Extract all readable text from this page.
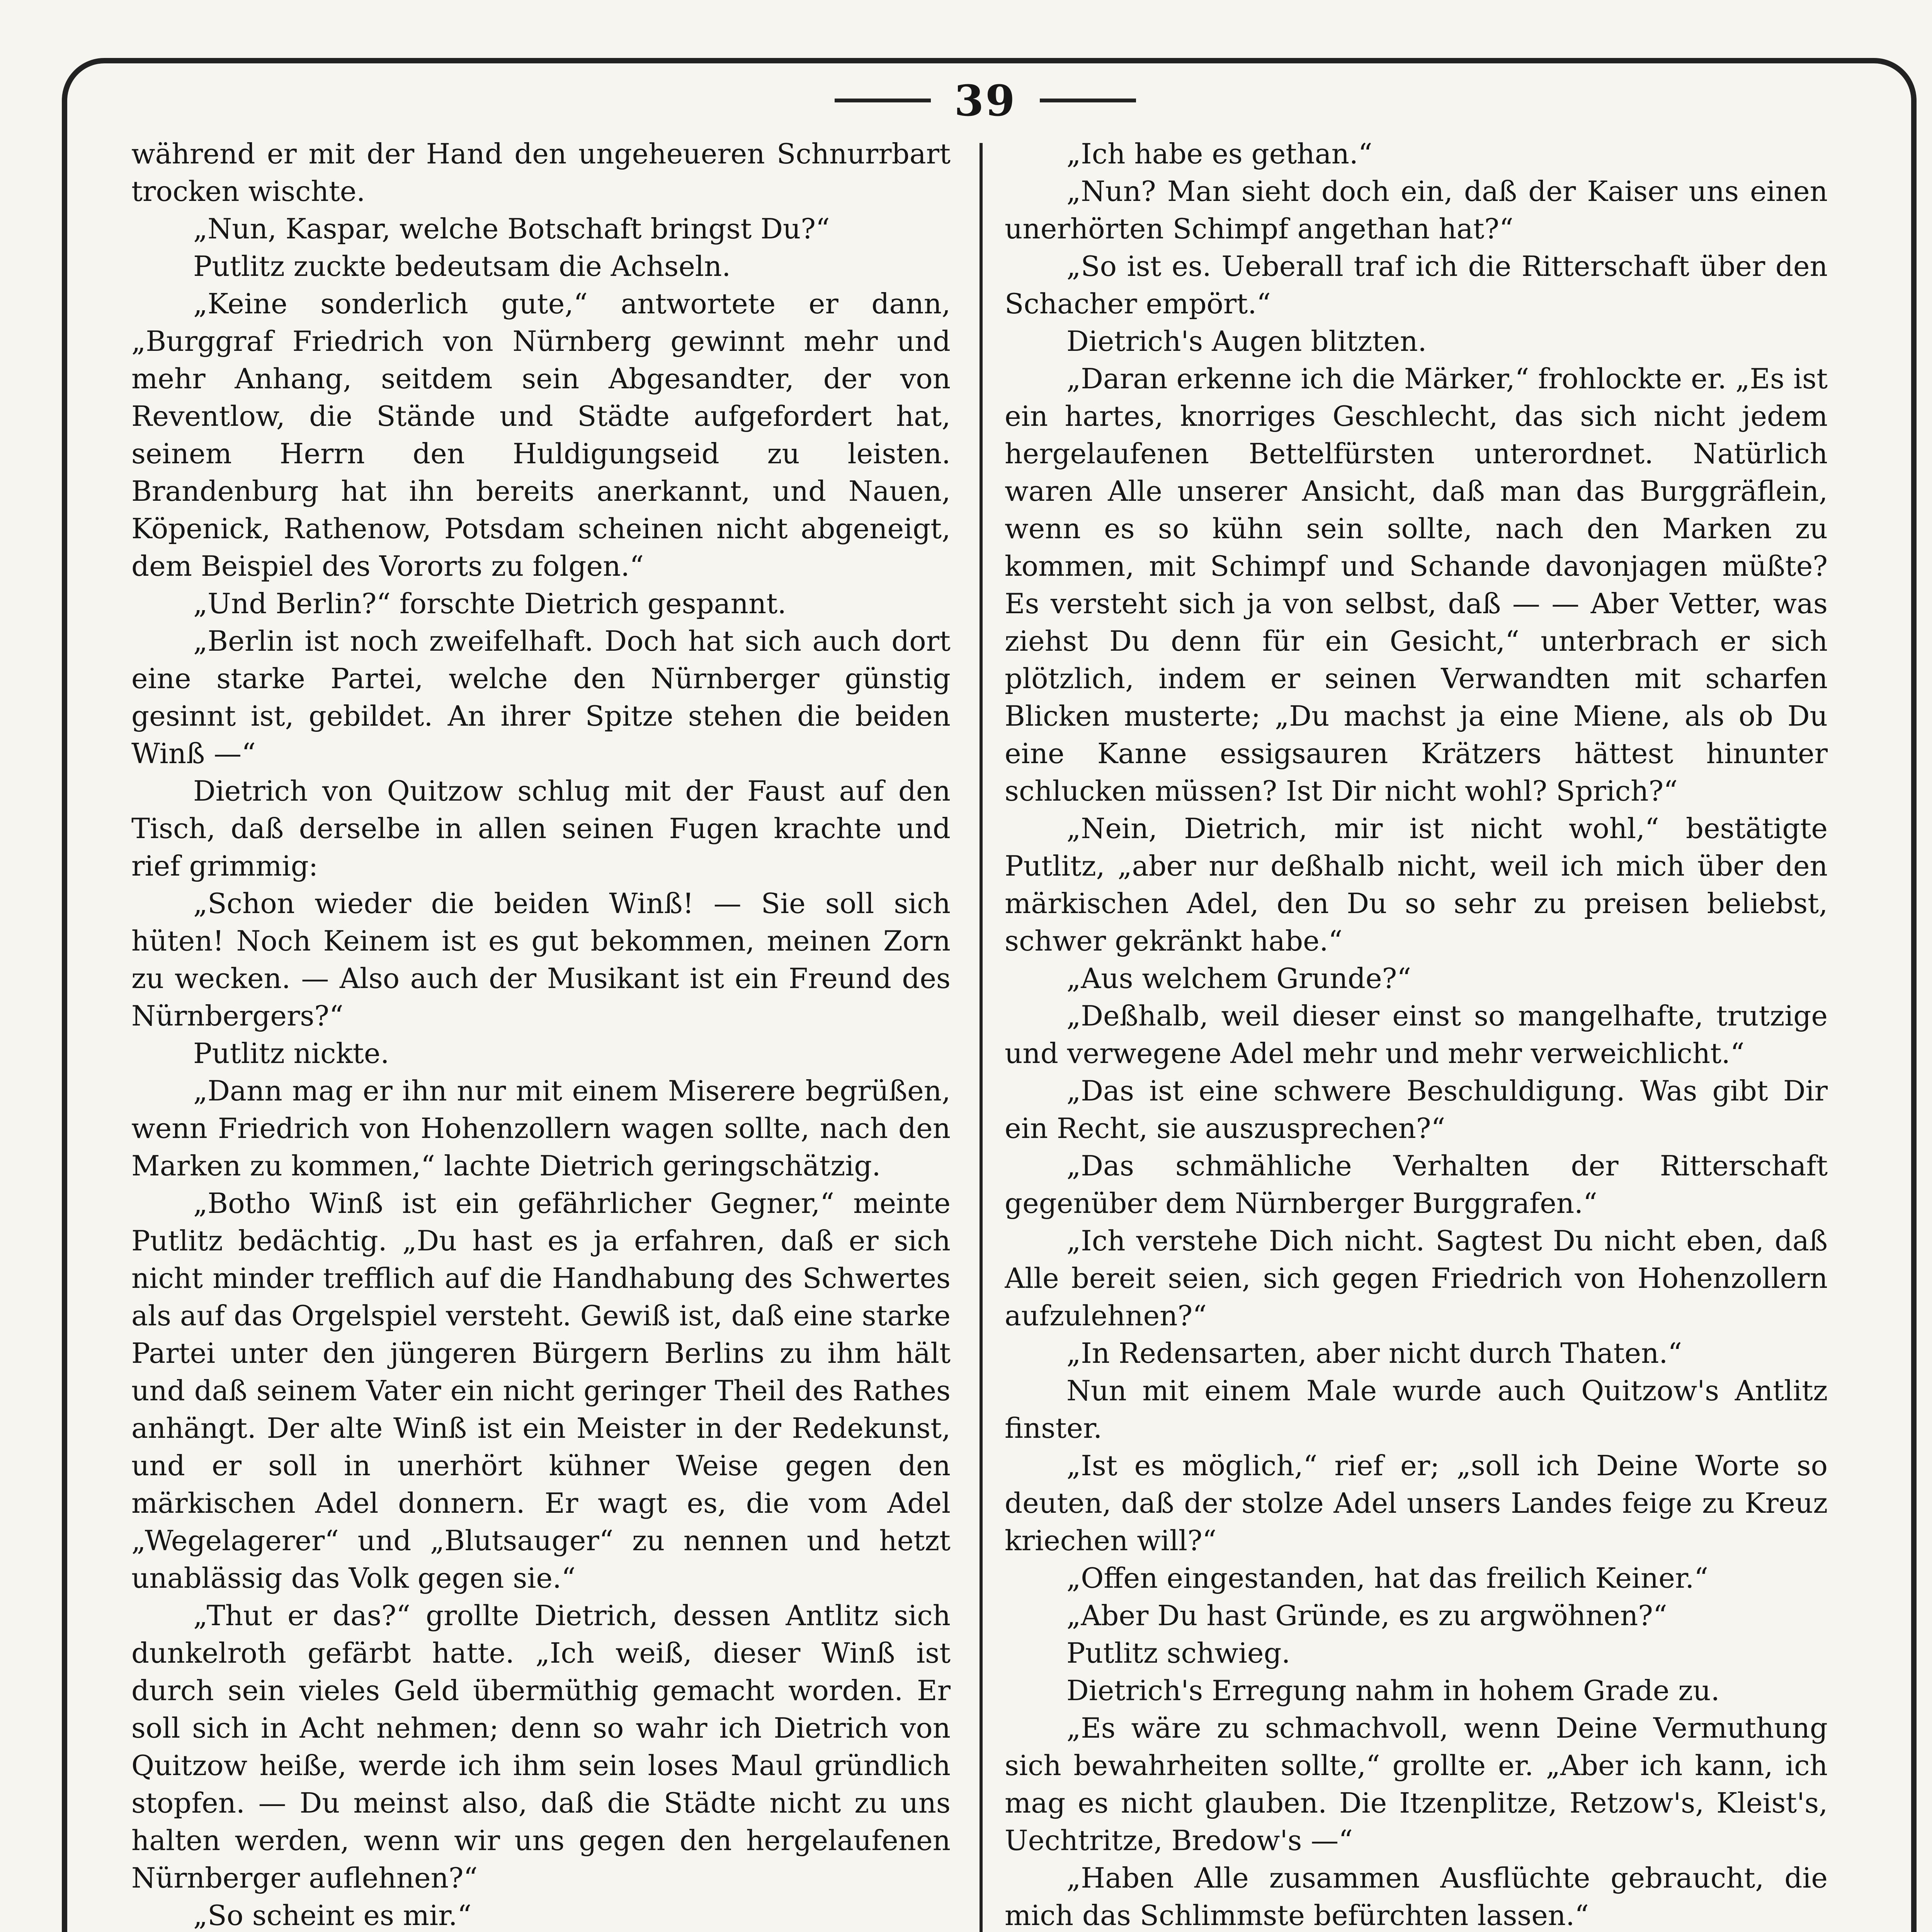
39

während er mit der Hand den ungeheueren Schnurrbart trocken wischte.

„Nun, Kaspar, welche Botschaft bringst Du?“

Putlitz zuckte bedeutsam die Achseln.

„Keine sonderlich gute,“ antwortete er dann, „Burggraf Friedrich von Nürnberg gewinnt mehr und mehr Anhang, seitdem sein Abgesandter, der von Reventlow, die Stände und Städte aufgefordert hat, seinem Herrn den Huldigungseid zu leisten. Brandenburg hat ihn bereits anerkannt, und Nauen, Köpenick, Rathenow, Potsdam scheinen nicht abgeneigt, dem Beispiel des Vororts zu folgen.“

„Und Berlin?“ forschte Dietrich gespannt.

„Berlin ist noch zweifelhaft. Doch hat sich auch dort eine starke Partei, welche den Nürnberger günstig gesinnt ist, gebildet. An ihrer Spitze stehen die beiden Winß —“

Dietrich von Quitzow schlug mit der Faust auf den Tisch, daß derselbe in allen seinen Fugen krachte und rief grimmig:

„Schon wieder die beiden Winß! — Sie soll sich hüten! Noch Keinem ist es gut bekommen, meinen Zorn zu wecken. — Also auch der Musikant ist ein Freund des Nürnbergers?“

Putlitz nickte.

„Dann mag er ihn nur mit einem Miserere begrüßen, wenn Friedrich von Hohenzollern wagen sollte, nach den Marken zu kommen,“ lachte Dietrich geringschätzig.

„Botho Winß ist ein gefährlicher Gegner,“ meinte Putlitz bedächtig. „Du hast es ja erfahren, daß er sich nicht minder trefflich auf die Handhabung des Schwertes als auf das Orgelspiel versteht. Gewiß ist, daß eine starke Partei unter den jüngeren Bürgern Berlins zu ihm hält und daß seinem Vater ein nicht geringer Theil des Rathes anhängt. Der alte Winß ist ein Meister in der Redekunst, und er soll in unerhört kühner Weise gegen den märkischen Adel donnern. Er wagt es, die vom Adel „Wegelagerer“ und „Blutsauger“ zu nennen und hetzt unablässig das Volk gegen sie.“

„Thut er das?“ grollte Dietrich, dessen Antlitz sich dunkelroth gefärbt hatte. „Ich weiß, dieser Winß ist durch sein vieles Geld übermüthig gemacht worden. Er soll sich in Acht nehmen; denn so wahr ich Dietrich von Quitzow heiße, werde ich ihm sein loses Maul gründlich stopfen. — Du meinst also, daß die Städte nicht zu uns halten werden, wenn wir uns gegen den hergelaufenen Nürnberger auflehnen?“

„So scheint es mir.“

„Ich habe es gethan.“

„Nun? Man sieht doch ein, daß der Kaiser uns einen unerhörten Schimpf angethan hat?“

„So ist es. Ueberall traf ich die Ritterschaft über den Schacher empört.“

Dietrich's Augen blitzten.

„Daran erkenne ich die Märker,“ frohlockte er. „Es ist ein hartes, knorriges Geschlecht, das sich nicht jedem hergelaufenen Bettelfürsten unterordnet. Natürlich waren Alle unserer Ansicht, daß man das Burggräflein, wenn es so kühn sein sollte, nach den Marken zu kommen, mit Schimpf und Schande davonjagen müßte? Es versteht sich ja von selbst, daß — — Aber Vetter, was ziehst Du denn für ein Gesicht,“ unterbrach er sich plötzlich, indem er seinen Verwandten mit scharfen Blicken musterte; „Du machst ja eine Miene, als ob Du eine Kanne essigsauren Krätzers hättest hinunter schlucken müssen? Ist Dir nicht wohl? Sprich?“

„Nein, Dietrich, mir ist nicht wohl,“ bestätigte Putlitz, „aber nur deßhalb nicht, weil ich mich über den märkischen Adel, den Du so sehr zu preisen beliebst, schwer gekränkt habe.“

„Aus welchem Grunde?“

„Deßhalb, weil dieser einst so mangelhafte, trutzige und verwegene Adel mehr und mehr verweichlicht.“

„Das ist eine schwere Beschuldigung. Was gibt Dir ein Recht, sie auszusprechen?“

„Das schmähliche Verhalten der Ritterschaft gegenüber dem Nürnberger Burggrafen.“

„Ich verstehe Dich nicht. Sagtest Du nicht eben, daß Alle bereit seien, sich gegen Friedrich von Hohenzollern aufzulehnen?“

„In Redensarten, aber nicht durch Thaten.“

Nun mit einem Male wurde auch Quitzow's Antlitz finster.

„Ist es möglich,“ rief er; „soll ich Deine Worte so deuten, daß der stolze Adel unsers Landes feige zu Kreuz kriechen will?“

„Offen eingestanden, hat das freilich Keiner.“

„Aber Du hast Gründe, es zu argwöhnen?“

Putlitz schwieg.

Dietrich's Erregung nahm in hohem Grade zu.

„Es wäre zu schmachvoll, wenn Deine Vermuthung sich bewahrheiten sollte,“ grollte er. „Aber ich kann, ich mag es nicht glauben. Die Itzenplitze, Retzow's, Kleist's, Uechtritze, Bredow's —“

„Haben Alle zusammen Ausflüchte gebraucht, die mich das Schlimmste befürchten lassen.“
